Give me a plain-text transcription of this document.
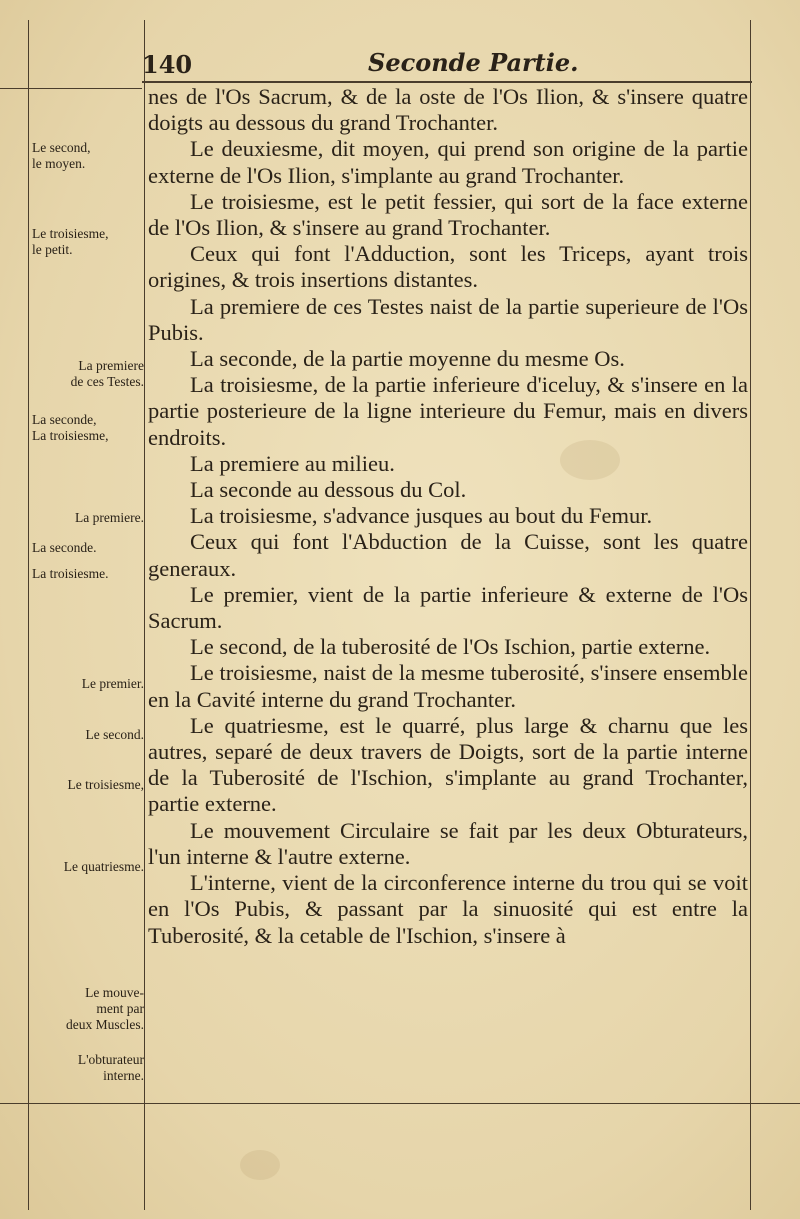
140	Seconde Partie.

nes de l'Os Sacrum, & de la oste de l'Os Ilion, & s'insere quatre doigts au dessous du grand Trochanter.

Le deuxiesme, dit moyen, qui prend son origine de la partie externe de l'Os Ilion, s'implante au grand Trochanter.

Le troisiesme, est le petit fessier, qui sort de la face externe de l'Os Ilion, & s'insere au grand Trochanter.

Ceux qui font l'Adduction, sont les Triceps, ayant trois origines, & trois insertions distantes.

La premiere de ces Testes naist de la partie superieure de l'Os Pubis.

La seconde, de la partie moyenne du mesme Os.

La troisiesme, de la partie inferieure d'iceluy, & s'insere en la partie posterieure de la ligne interieure du Femur, mais en divers endroits.

La premiere au milieu.

La seconde au dessous du Col.

La troisiesme, s'advance jusques au bout du Femur.

Ceux qui font l'Abduction de la Cuisse, sont les quatre generaux.

Le premier, vient de la partie inferieure & externe de l'Os Sacrum.

Le second, de la tuberosité de l'Os Ischion, partie externe.

Le troisiesme, naist de la mesme tuberosité, s'insere ensemble en la Cavité interne du grand Trochanter.

Le quatriesme, est le quarré, plus large & charnu que les autres, separé de deux travers de Doigts, sort de la partie interne de la Tuberosité de l'Ischion, s'implante au grand Trochanter, partie externe.

Le mouvement Circulaire se fait par les deux Obturateurs, l'un interne & l'autre externe.

L'interne, vient de la circonference interne du trou qui se voit en l'Os Pubis, & passant par la sinuosité qui est entre la Tuberosité, & la cetable de l'Ischion, s'insere à

Le second,
le moyen.
Le troisiesme,
le petit.
La premiere
de ces Testes.
La seconde,
La troisiesme,
La premiere.
La seconde.
La troisiesme.
Le premier.
Le second.
Le troisiesme,
Le quatriesme.
Le mouve-
ment par
deux Muscles.
L'obturateur
interne.
